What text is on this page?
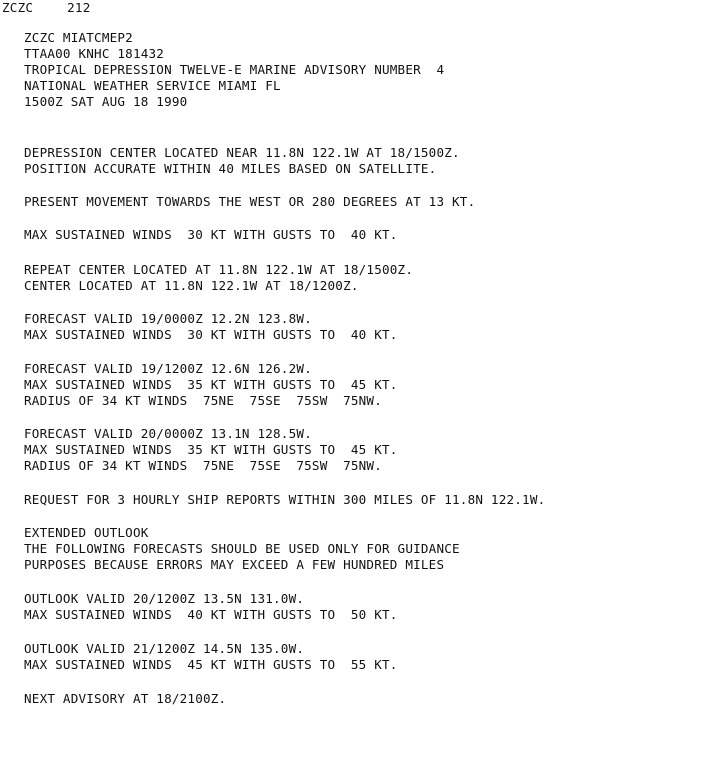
ZCZC	212
ZCZC MIATCMEP2
TTAA00 KNHC 181432
TROPICAL DEPRESSION TWELVE-E MARINE ADVISORY NUMBER  4
NATIONAL WEATHER SERVICE MIAMI FL
1500Z SAT AUG 18 1990
DEPRESSION CENTER LOCATED NEAR 11.8N 122.1W AT 18/1500Z.
POSITION ACCURATE WITHIN 40 MILES BASED ON SATELLITE.
PRESENT MOVEMENT TOWARDS THE WEST OR 280 DEGREES AT 13 KT.
MAX SUSTAINED WINDS  30 KT WITH GUSTS TO  40 KT.
REPEAT CENTER LOCATED AT 11.8N 122.1W AT 18/1500Z.
CENTER LOCATED AT 11.8N 122.1W AT 18/1200Z.
FORECAST VALID 19/0000Z 12.2N 123.8W.
MAX SUSTAINED WINDS  30 KT WITH GUSTS TO  40 KT.
FORECAST VALID 19/1200Z 12.6N 126.2W.
MAX SUSTAINED WINDS  35 KT WITH GUSTS TO  45 KT.
RADIUS OF 34 KT WINDS  75NE  75SE  75SW  75NW.
FORECAST VALID 20/0000Z 13.1N 128.5W.
MAX SUSTAINED WINDS  35 KT WITH GUSTS TO  45 KT.
RADIUS OF 34 KT WINDS  75NE  75SE  75SW  75NW.
REQUEST FOR 3 HOURLY SHIP REPORTS WITHIN 300 MILES OF 11.8N 122.1W.
EXTENDED OUTLOOK
THE FOLLOWING FORECASTS SHOULD BE USED ONLY FOR GUIDANCE
PURPOSES BECAUSE ERRORS MAY EXCEED A FEW HUNDRED MILES
OUTLOOK VALID 20/1200Z 13.5N 131.0W.
MAX SUSTAINED WINDS  40 KT WITH GUSTS TO  50 KT.
OUTLOOK VALID 21/1200Z 14.5N 135.0W.
MAX SUSTAINED WINDS  45 KT WITH GUSTS TO  55 KT.
NEXT ADVISORY AT 18/2100Z.
